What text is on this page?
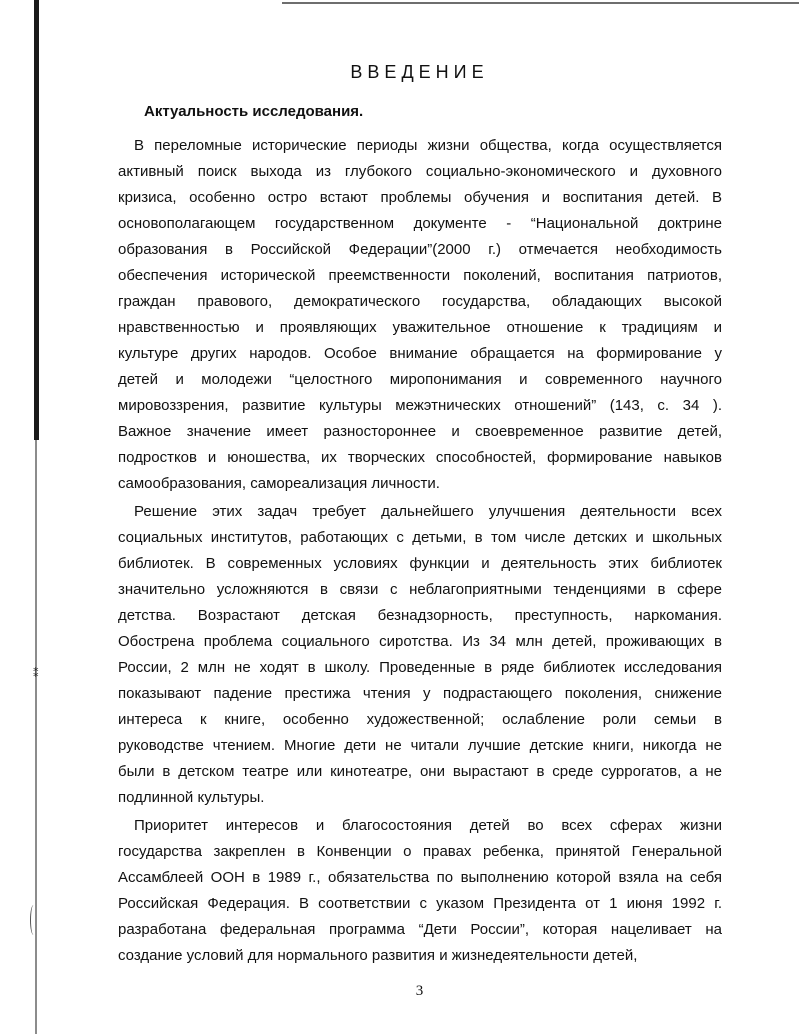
⁑
ВВЕДЕНИЕ
Актуальность исследования.
В переломные исторические периоды жизни общества, когда осуществляется
активный поиск выхода из глубокого социально-экономического и духовного
кризиса, особенно остро встают проблемы обучения и воспитания детей. В
основополагающем государственном документе - “Национальной доктрине
образования в Российской Федерации”(2000 г.) отмечается необходимость
обеспечения исторической преемственности поколений, воспитания патриотов,
граждан правового, демократического государства, обладающих высокой
нравственностью и проявляющих уважительное отношение к традициям и
культуре других народов. Особое внимание обращается на формирование у
детей и молодежи “целостного миропонимания и современного научного
мировоззрения, развитие культуры межэтнических отношений” (143, с. 34 ).
Важное значение имеет разностороннее и своевременное развитие детей,
подростков и юношества, их творческих способностей, формирование навыков
самообразования, самореализация личности.
Решение этих задач требует дальнейшего улучшения деятельности всех
социальных институтов, работающих с детьми, в том числе детских и школьных
библиотек. В современных условиях функции и деятельность этих библиотек
значительно усложняются в связи с неблагоприятными тенденциями в сфере
детства. Возрастают детская безнадзорность, преступность, наркомания.
Обострена проблема социального сиротства. Из 34 млн детей, проживающих в
России, 2 млн не ходят в школу. Проведенные в ряде библиотек исследования
показывают падение престижа чтения у подрастающего поколения, снижение
интереса к книге, особенно художественной; ослабление роли семьи в
руководстве чтением. Многие дети не читали лучшие детские книги, никогда не
были в детском театре или кинотеатре, они вырастают в среде суррогатов, а не
подлинной культуры.
Приоритет интересов и благосостояния детей во всех сферах жизни
государства закреплен в Конвенции о правах ребенка, принятой Генеральной
Ассамблеей ООН в 1989 г., обязательства по выполнению которой взяла на себя
Российская Федерация. В соответствии с указом Президента от 1 июня 1992 г.
разработана федеральная программа “Дети России”, которая нацеливает на
создание условий для нормального развития и жизнедеятельности детей,
3
